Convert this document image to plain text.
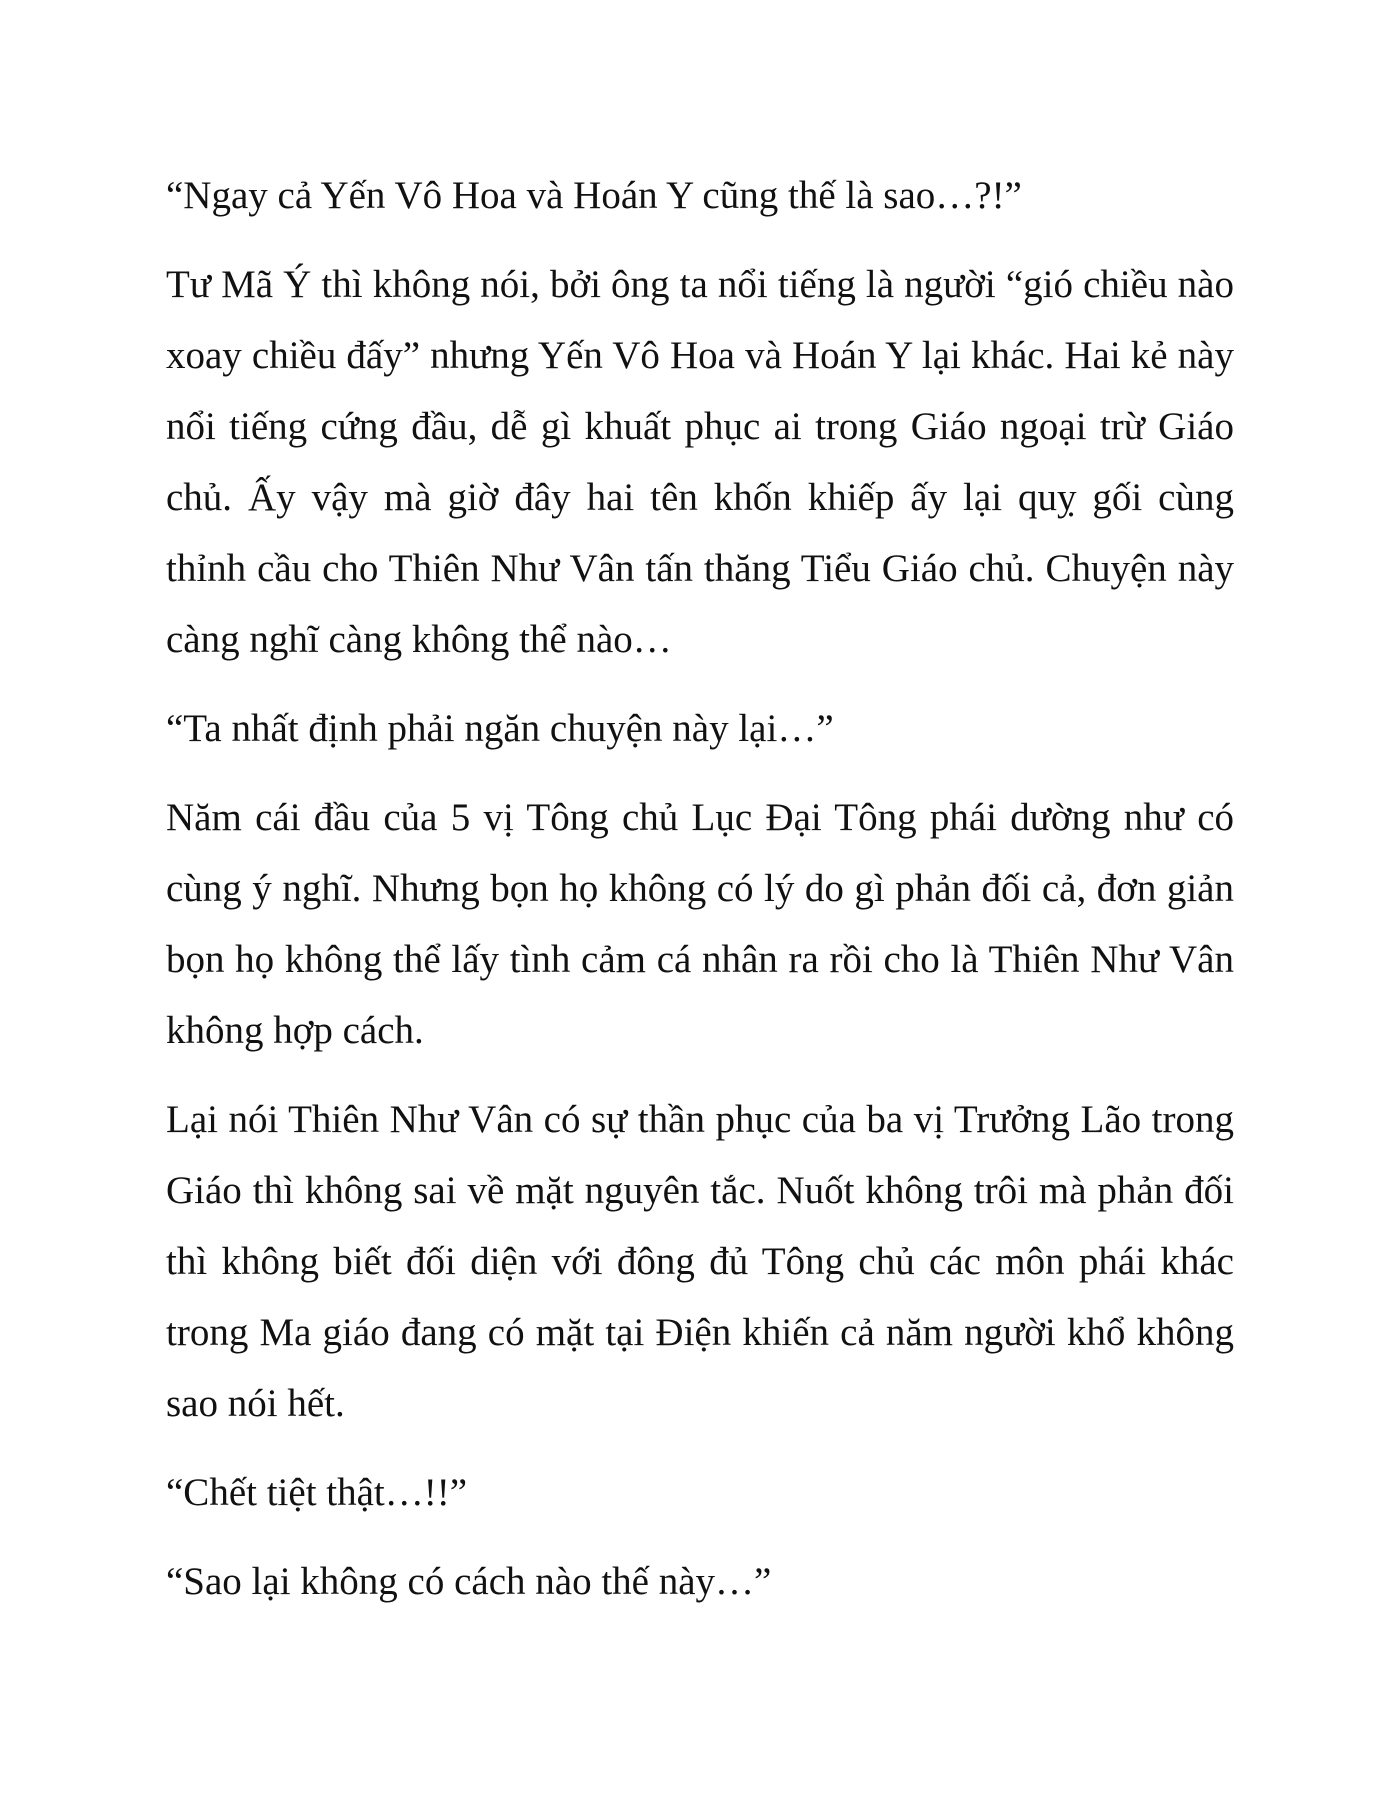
“Ngay cả Yến Vô Hoa và Hoán Y cũng thế là sao…?!”

Tư Mã Ý thì không nói, bởi ông ta nổi tiếng là người “gió chiều nào xoay chiều đấy” nhưng Yến Vô Hoa và Hoán Y lại khác. Hai kẻ này nổi tiếng cứng đầu, dễ gì khuất phục ai trong Giáo ngoại trừ Giáo chủ. Ấy vậy mà giờ đây hai tên khốn khiếp ấy lại quỵ gối cùng thỉnh cầu cho Thiên Như Vân tấn thăng Tiểu Giáo chủ. Chuyện này càng nghĩ càng không thể nào…

“Ta nhất định phải ngăn chuyện này lại…”

Năm cái đầu của 5 vị Tông chủ Lục Đại Tông phái dường như có cùng ý nghĩ. Nhưng bọn họ không có lý do gì phản đối cả, đơn giản bọn họ không thể lấy tình cảm cá nhân ra rồi cho là Thiên Như Vân không hợp cách.

Lại nói Thiên Như Vân có sự thần phục của ba vị Trưởng Lão trong Giáo thì không sai về mặt nguyên tắc. Nuốt không trôi mà phản đối thì không biết đối diện với đông đủ Tông chủ các môn phái khác trong Ma giáo đang có mặt tại Điện khiến cả năm người khổ không sao nói hết.

“Chết tiệt thật…!!”

“Sao lại không có cách nào thế này…”
